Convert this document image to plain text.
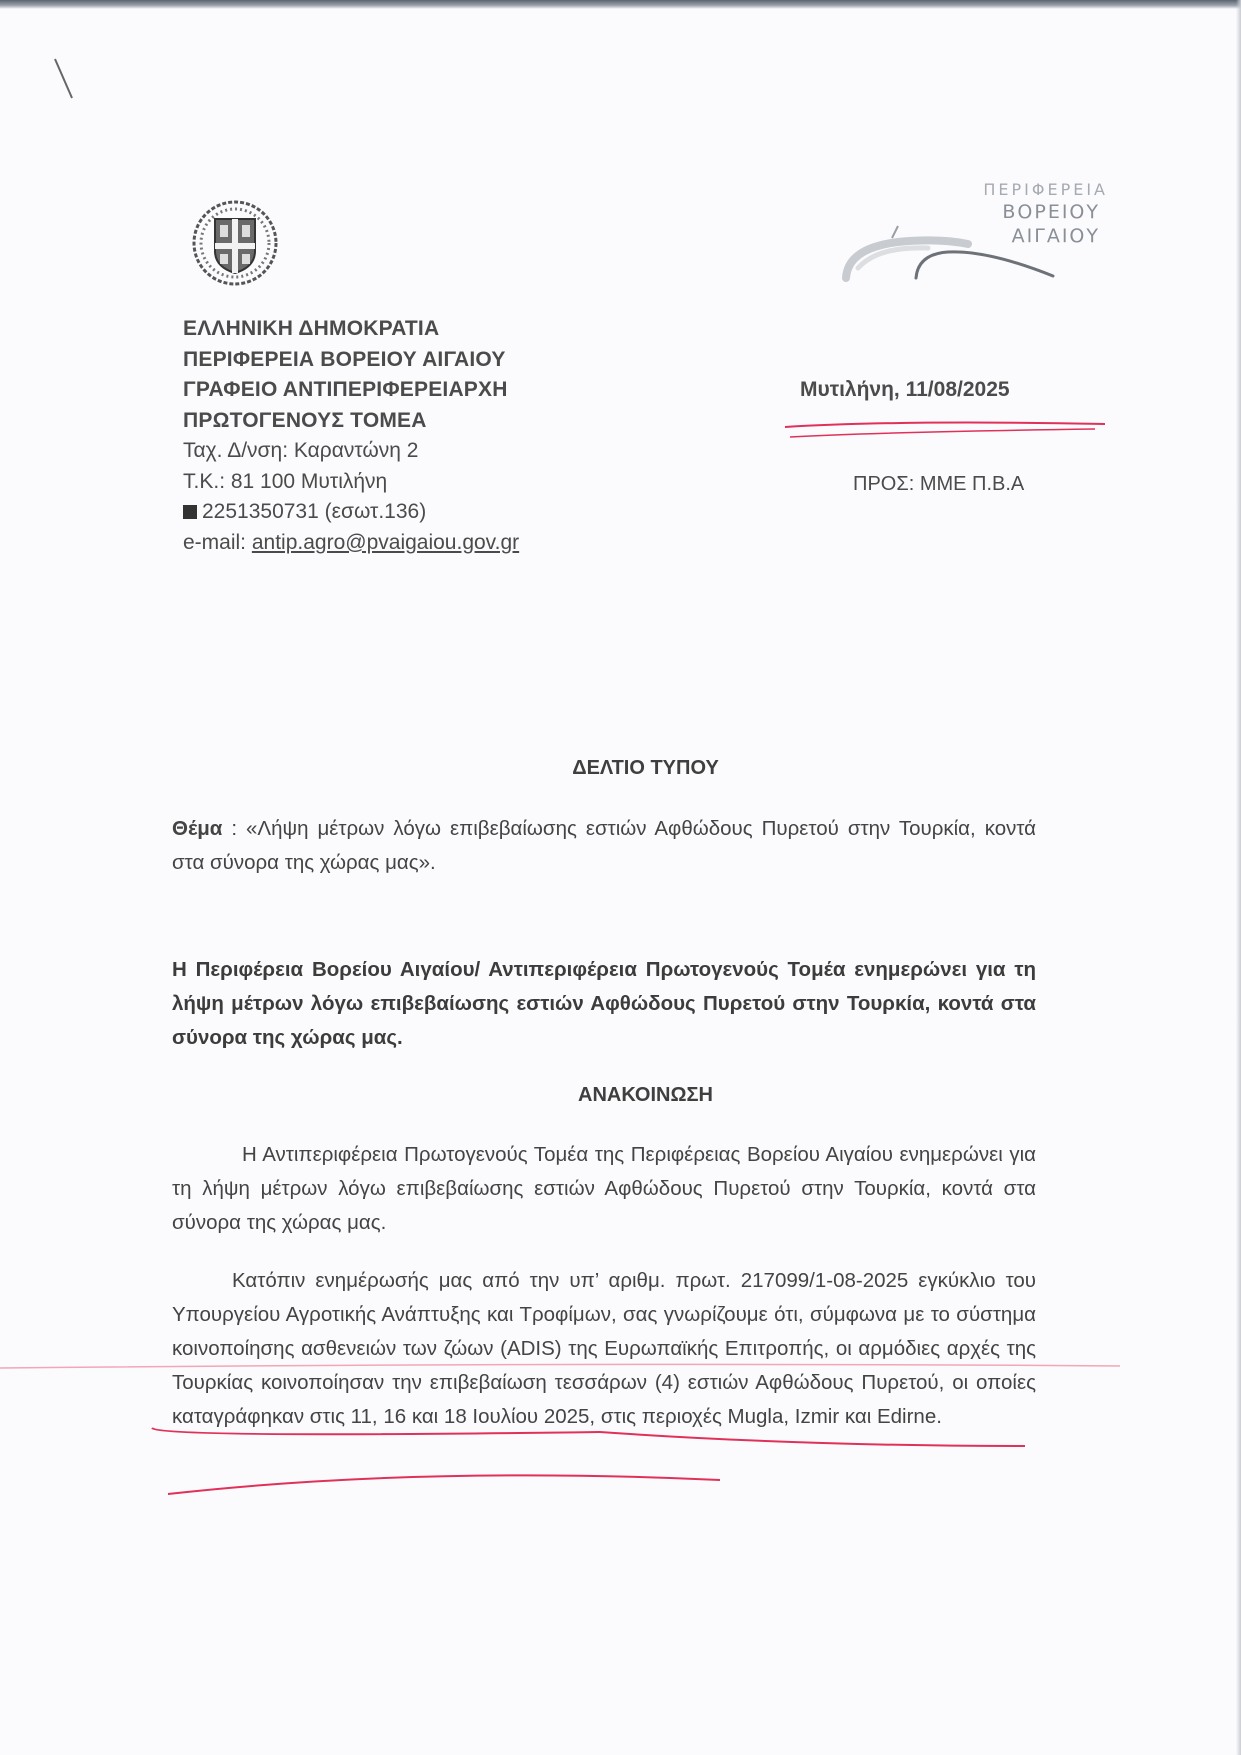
ΠΕΡΙΦΕΡΕΙΑ
ΒΟΡΕΙΟΥ
ΑΙΓΑΙΟΥ
ΕΛΛΗΝΙΚΗ ΔΗΜΟΚΡΑΤΙΑ
ΠΕΡΙΦΕΡΕΙΑ ΒΟΡΕΙΟΥ ΑΙΓΑΙΟΥ
ΓΡΑΦΕΙΟ ΑΝΤΙΠΕΡΙΦΕΡΕΙΑΡΧΗ
ΠΡΩΤΟΓΕΝΟΥΣ ΤΟΜΕΑ
Ταχ. Δ/νση: Καραντώνη 2
Τ.Κ.: 81 100 Μυτιλήνη
2251350731 (εσωτ.136)
e-mail: antip.agro@pvaigaiou.gov.gr
Μυτιλήνη, 11/08/2025
ΠΡΟΣ: ΜΜΕ Π.Β.Α
ΔΕΛΤΙΟ ΤΥΠΟΥ
Θέμα : «Λήψη μέτρων λόγω επιβεβαίωσης εστιών Αφθώδους Πυρετού στην Τουρκία, κοντά στα σύνορα της χώρας μας».
Η Περιφέρεια Βορείου Αιγαίου/ Αντιπεριφέρεια Πρωτογενούς Τομέα ενημερώνει για τη λήψη μέτρων λόγω επιβεβαίωσης εστιών Αφθώδους Πυρετού στην Τουρκία, κοντά στα σύνορα της χώρας μας.
ΑΝΑΚΟΙΝΩΣΗ
Η Αντιπεριφέρεια Πρωτογενούς Τομέα της Περιφέρειας Βορείου Αιγαίου ενημερώνει για τη λήψη μέτρων λόγω επιβεβαίωσης εστιών Αφθώδους Πυρετού στην Τουρκία, κοντά στα σύνορα της χώρας μας.
Κατόπιν ενημέρωσής μας από την υπ’ αριθμ. πρωτ. 217099/1-08-2025 εγκύκλιο του Υπουργείου Αγροτικής Ανάπτυξης και Τροφίμων, σας γνωρίζουμε ότι, σύμφωνα με το σύστημα κοινοποίησης ασθενειών των ζώων (ADIS) της Ευρωπαϊκής Επιτροπής, οι αρμόδιες αρχές της Τουρκίας κοινοποίησαν την επιβεβαίωση τεσσάρων (4) εστιών Αφθώδους Πυρετού, οι οποίες καταγράφηκαν στις 11, 16 και 18 Ιουλίου 2025, στις περιοχές Mugla, Izmir και Edirne.
